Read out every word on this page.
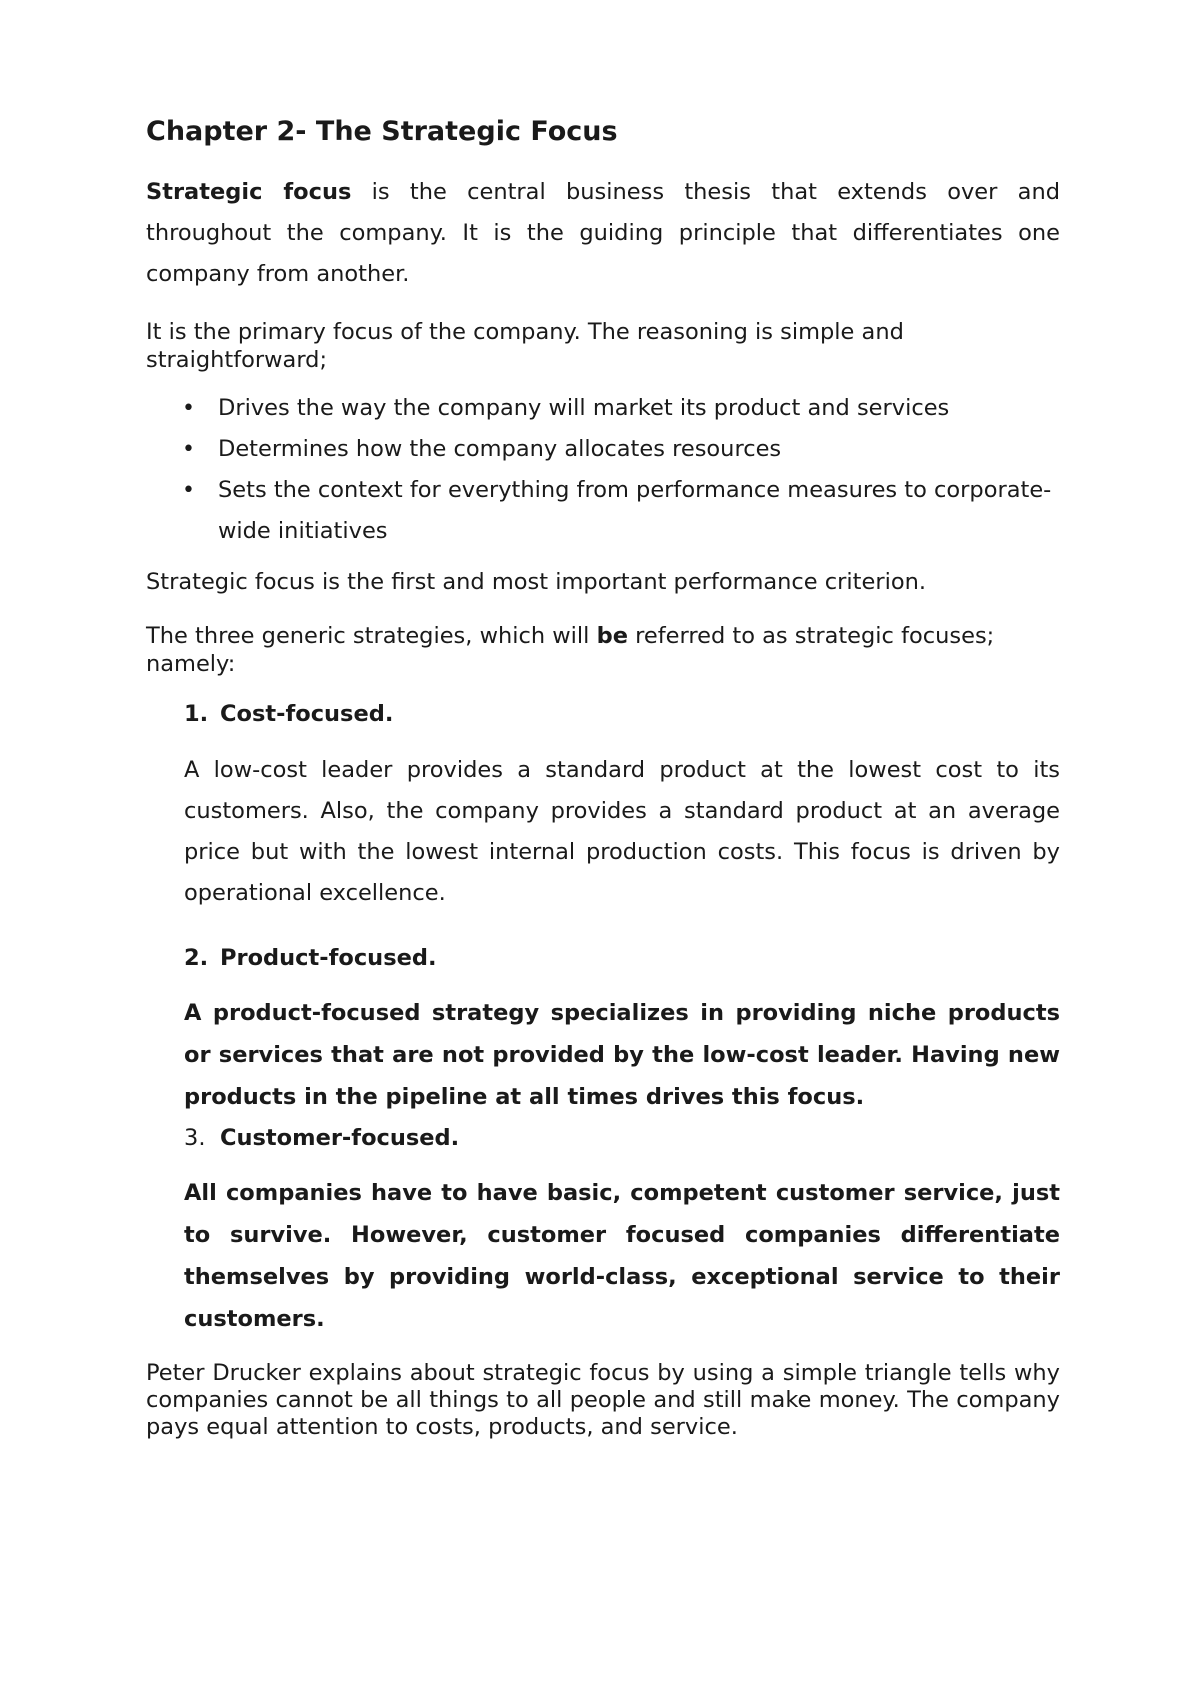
Chapter 2- The Strategic Focus

Strategic focus is the central business thesis that extends over and throughout the company. It is the guiding principle that differentiates one company from another.

It is the primary focus of the company. The reasoning is simple and straightforward;

• Drives the way the company will market its product and services
• Determines how the company allocates resources
• Sets the context for everything from performance measures to corporate-wide initiatives

Strategic focus is the first and most important performance criterion.

The three generic strategies, which will be referred to as strategic focuses; namely:

1. Cost-focused.

A low-cost leader provides a standard product at the lowest cost to its customers. Also, the company provides a standard product at an average price but with the lowest internal production costs. This focus is driven by operational excellence.

2. Product-focused.

A product-focused strategy specializes in providing niche products or services that are not provided by the low-cost leader. Having new products in the pipeline at all times drives this focus.

3. Customer-focused.

All companies have to have basic, competent customer service, just to survive. However, customer focused companies differentiate themselves by providing world-class, exceptional service to their customers.

Peter Drucker explains about strategic focus by using a simple triangle tells why companies cannot be all things to all people and still make money. The company pays equal attention to costs, products, and service.
